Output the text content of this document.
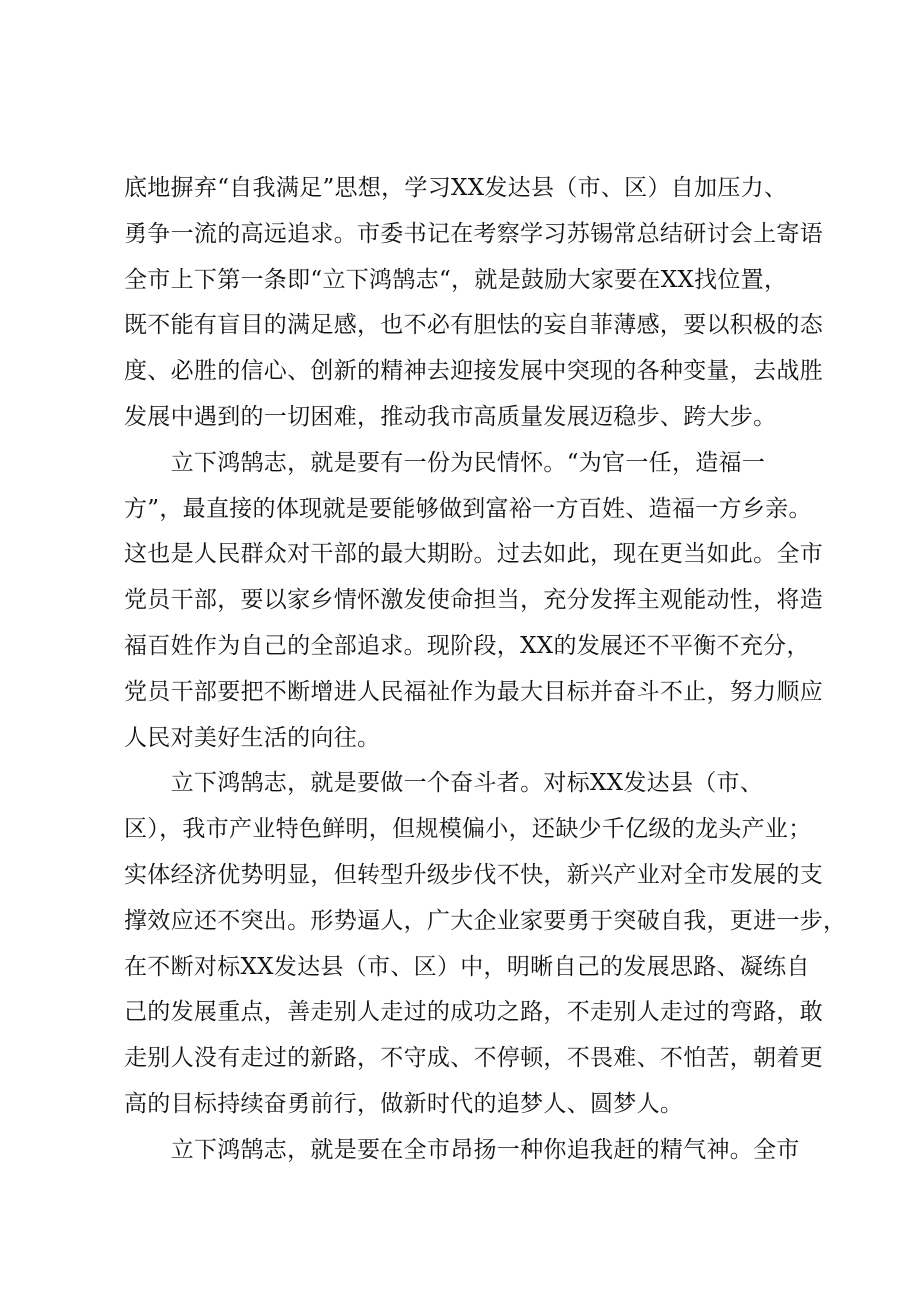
底地摒弃“自我满足”思想，学习XX发达县（市、区）自加压力、
勇争一流的高远追求。市委书记在考察学习苏锡常总结研讨会上寄语
全市上下第一条即“立下鸿鹄志“，就是鼓励大家要在XX找位置，
既不能有盲目的满足感，也不必有胆怯的妄自菲薄感，要以积极的态
度、必胜的信心、创新的精神去迎接发展中突现的各种变量，去战胜
发展中遇到的一切困难，推动我市高质量发展迈稳步、跨大步。
　　立下鸿鹄志，就是要有一份为民情怀。“为官一任，造福一
方”，最直接的体现就是要能够做到富裕一方百姓、造福一方乡亲。
这也是人民群众对干部的最大期盼。过去如此，现在更当如此。全市
党员干部，要以家乡情怀激发使命担当，充分发挥主观能动性，将造
福百姓作为自己的全部追求。现阶段，XX的发展还不平衡不充分，
党员干部要把不断增进人民福祉作为最大目标并奋斗不止，努力顺应
人民对美好生活的向往。
　　立下鸿鹄志，就是要做一个奋斗者。对标XX发达县（市、
区），我市产业特色鲜明，但规模偏小，还缺少千亿级的龙头产业；
实体经济优势明显，但转型升级步伐不快，新兴产业对全市发展的支
撑效应还不突出。形势逼人，广大企业家要勇于突破自我，更进一步，
在不断对标XX发达县（市、区）中，明晰自己的发展思路、凝练自
己的发展重点，善走别人走过的成功之路，不走别人走过的弯路，敢
走别人没有走过的新路，不守成、不停顿，不畏难、不怕苦，朝着更
高的目标持续奋勇前行，做新时代的追梦人、圆梦人。
　　立下鸿鹄志，就是要在全市昂扬一种你追我赶的精气神。全市
